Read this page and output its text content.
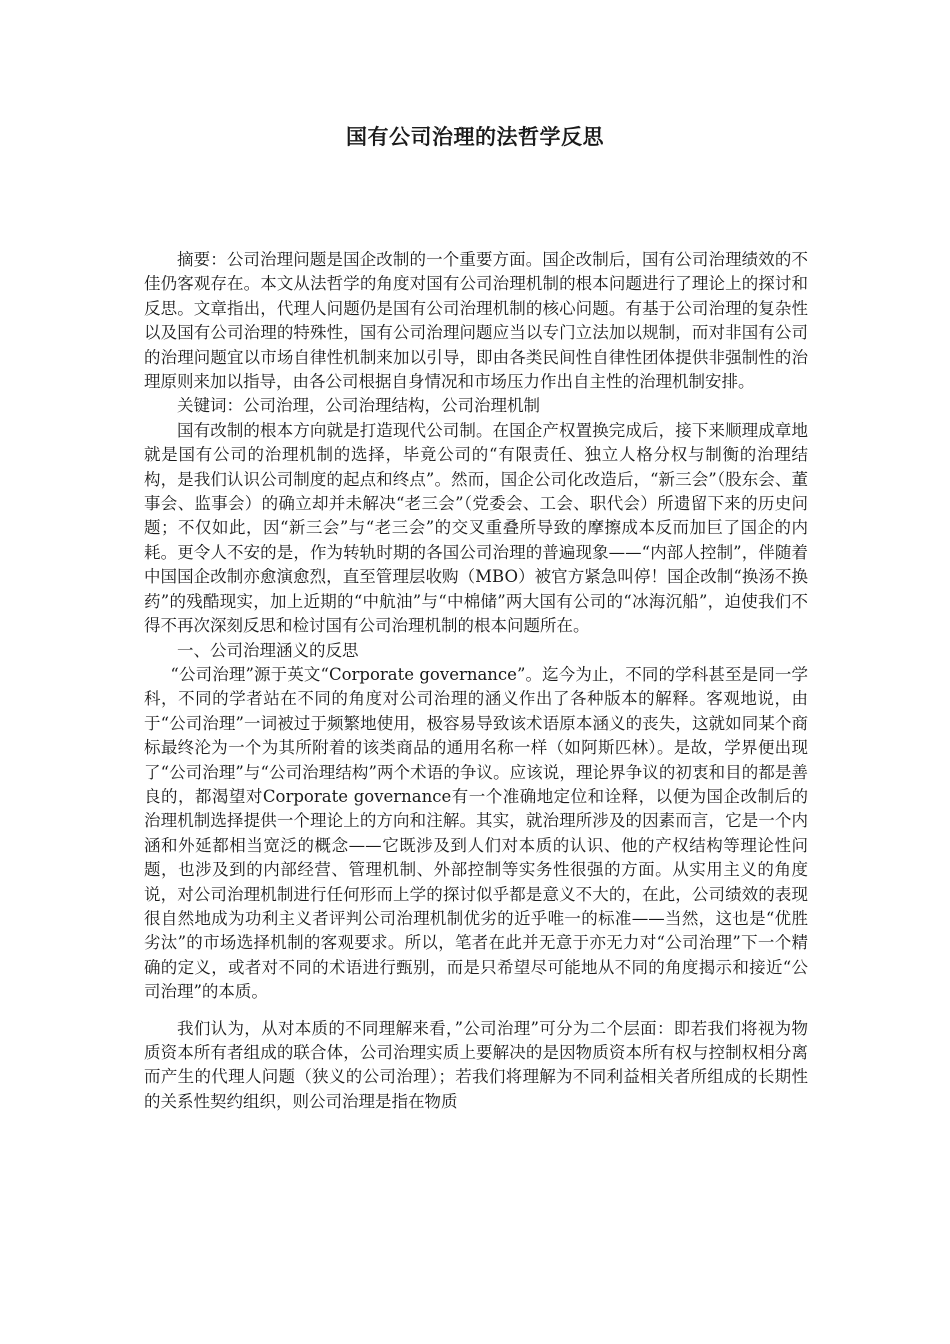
国有公司治理的法哲学反思

摘要：公司治理问题是国企改制的一个重要方面。国企改制后，国有公司治理绩效的不佳仍客观存在。本文从法哲学的角度对国有公司治理机制的根本问题进行了理论上的探讨和反思。文章指出，代理人问题仍是国有公司治理机制的核心问题。有基于公司治理的复杂性以及国有公司治理的特殊性，国有公司治理问题应当以专门立法加以规制，而对非国有公司的治理问题宜以市场自律性机制来加以引导，即由各类民间性自律性团体提供非强制性的治理原则来加以指导，由各公司根据自身情况和市场压力作出自主性的治理机制安排。

关键词：公司治理，公司治理结构，公司治理机制

国有改制的根本方向就是打造现代公司制。在国企产权置换完成后，接下来顺理成章地就是国有公司的治理机制的选择，毕竟公司的“有限责任、独立人格分权与制衡的治理结构，是我们认识公司制度的起点和终点”。然而，国企公司化改造后，“新三会”（股东会、董事会、监事会）的确立却并未解决“老三会”（党委会、工会、职代会）所遗留下来的历史问题；不仅如此，因“新三会”与“老三会”的交叉重叠所导致的摩擦成本反而加巨了国企的内耗。更令人不安的是，作为转轨时期的各国公司治理的普遍现象——“内部人控制”，伴随着中国国企改制亦愈演愈烈，直至管理层收购（MBO）被官方紧急叫停！国企改制“换汤不换药”的残酷现实，加上近期的“中航油”与“中棉储”两大国有公司的“冰海沉船”，迫使我们不得不再次深刻反思和检讨国有公司治理机制的根本问题所在。

一、公司治理涵义的反思

“公司治理”源于英文“Corporate governance”。迄今为止，不同的学科甚至是同一学科，不同的学者站在不同的角度对公司治理的涵义作出了各种版本的解释。客观地说，由于“公司治理”一词被过于频繁地使用，极容易导致该术语原本涵义的丧失，这就如同某个商标最终沦为一个为其所附着的该类商品的通用名称一样（如阿斯匹林）。是故，学界便出现了“公司治理”与“公司治理结构”两个术语的争议。应该说，理论界争议的初衷和目的都是善良的，都渴望对Corporate governance有一个准确地定位和诠释，以便为国企改制后的治理机制选择提供一个理论上的方向和注解。其实，就治理所涉及的因素而言，它是一个内涵和外延都相当宽泛的概念——它既涉及到人们对本质的认识、他的产权结构等理论性问题，也涉及到的内部经营、管理机制、外部控制等实务性很强的方面。从实用主义的角度说，对公司治理机制进行任何形而上学的探讨似乎都是意义不大的，在此，公司绩效的表现很自然地成为功利主义者评判公司治理机制优劣的近乎唯一的标准——当然，这也是“优胜劣汰”的市场选择机制的客观要求。所以，笔者在此并无意于亦无力对“公司治理”下一个精确的定义，或者对不同的术语进行甄别，而是只希望尽可能地从不同的角度揭示和接近“公司治理”的本质。

我们认为，从对本质的不同理解来看，”公司治理”可分为二个层面：即若我们将视为物质资本所有者组成的联合体，公司治理实质上要解决的是因物质资本所有权与控制权相分离而产生的代理人问题（狭义的公司治理）；若我们将理解为不同利益相关者所组成的长期性的关系性契约组织，则公司治理是指在物质
